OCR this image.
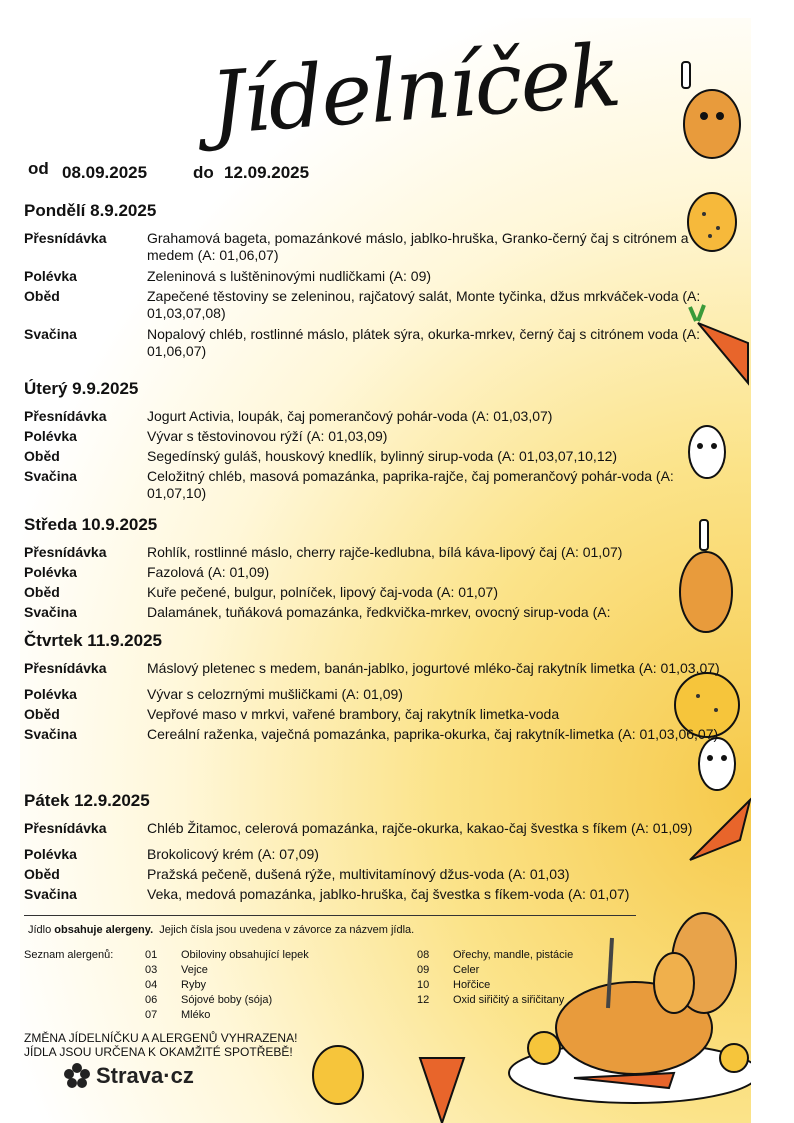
Jídelníček
od 08.09.2025	do 12.09.2025
Pondělí 8.9.2025
Přesnídávka	Grahamová bageta, pomazánkové máslo, jablko-hruška, Granko-černý čaj s citrónem a medem (A: 01,06,07)
Polévka	Zeleninová s luštěninovými nudličkami (A: 09)
Oběd	Zapečené těstoviny se zeleninou, rajčatový salát, Monte tyčinka, džus mrkváček-voda (A: 01,03,07,08)
Svačina	Nopalový chléb, rostlinné máslo, plátek sýra, okurka-mrkev, černý čaj s citrónem voda (A: 01,06,07)
Úterý 9.9.2025
Přesnídávka	Jogurt Activia, loupák, čaj pomerančový pohár-voda (A: 01,03,07)
Polévka	Vývar s těstovinovou rýží (A: 01,03,09)
Oběd	Segedínský guláš, houskový knedlík, bylinný sirup-voda (A: 01,03,07,10,12)
Svačina	Celožitný chléb, masová pomazánka, paprika-rajče, čaj pomerančový pohár-voda (A: 01,07,10)
Středa 10.9.2025
Přesnídávka	Rohlík, rostlinné máslo, cherry rajče-kedlubna, bílá káva-lipový čaj (A: 01,07)
Polévka	Fazolová (A: 01,09)
Oběd	Kuře pečené, bulgur, polníček, lipový čaj-voda (A: 01,07)
Svačina	Dalamánek, tuňáková pomazánka, ředkvička-mrkev, ovocný sirup-voda (A:
Čtvrtek 11.9.2025
Přesnídávka	Máslový pletenec s medem, banán-jablko, jogurtové mléko-čaj rakytník limetka (A: 01,03,07)
Polévka	Vývar s celozrnými mušličkami (A: 01,09)
Oběd	Vepřové maso v mrkvi, vařené brambory, čaj rakytník limetka-voda
Svačina	Cereální raženka, vaječná pomazánka, paprika-okurka, čaj rakytník-limetka (A: 01,03,06,07)
Pátek 12.9.2025
Přesnídávka	Chléb Žitamoc, celerová pomazánka, rajče-okurka, kakao-čaj švestka s fíkem (A: 01,09)
Polévka	Brokolicový krém (A: 07,09)
Oběd	Pražská pečeně, dušená rýže, multivitamínový džus-voda (A: 01,03)
Svačina	Veka, medová pomazánka, jablko-hruška, čaj švestka s fíkem-voda (A: 01,07)
Jídlo obsahuje alergeny. Jejich čísla jsou uvedena v závorce za názvem jídla.
Seznam alergenů:	01	Obiloviny obsahující lepek
03	Vejce
04	Ryby
06	Sójové boby (sója)
07	Mléko
08	Ořechy, mandle, pistácie
09	Celer
10	Hořčice
12	Oxid siřičitý a siřičitany
ZMĚNA JÍDELNÍČKU A ALERGENŮ VYHRAZENA!
JÍDLA JSOU URČENA K OKAMŽITÉ SPOTŘEBĚ!
Strava·cz
